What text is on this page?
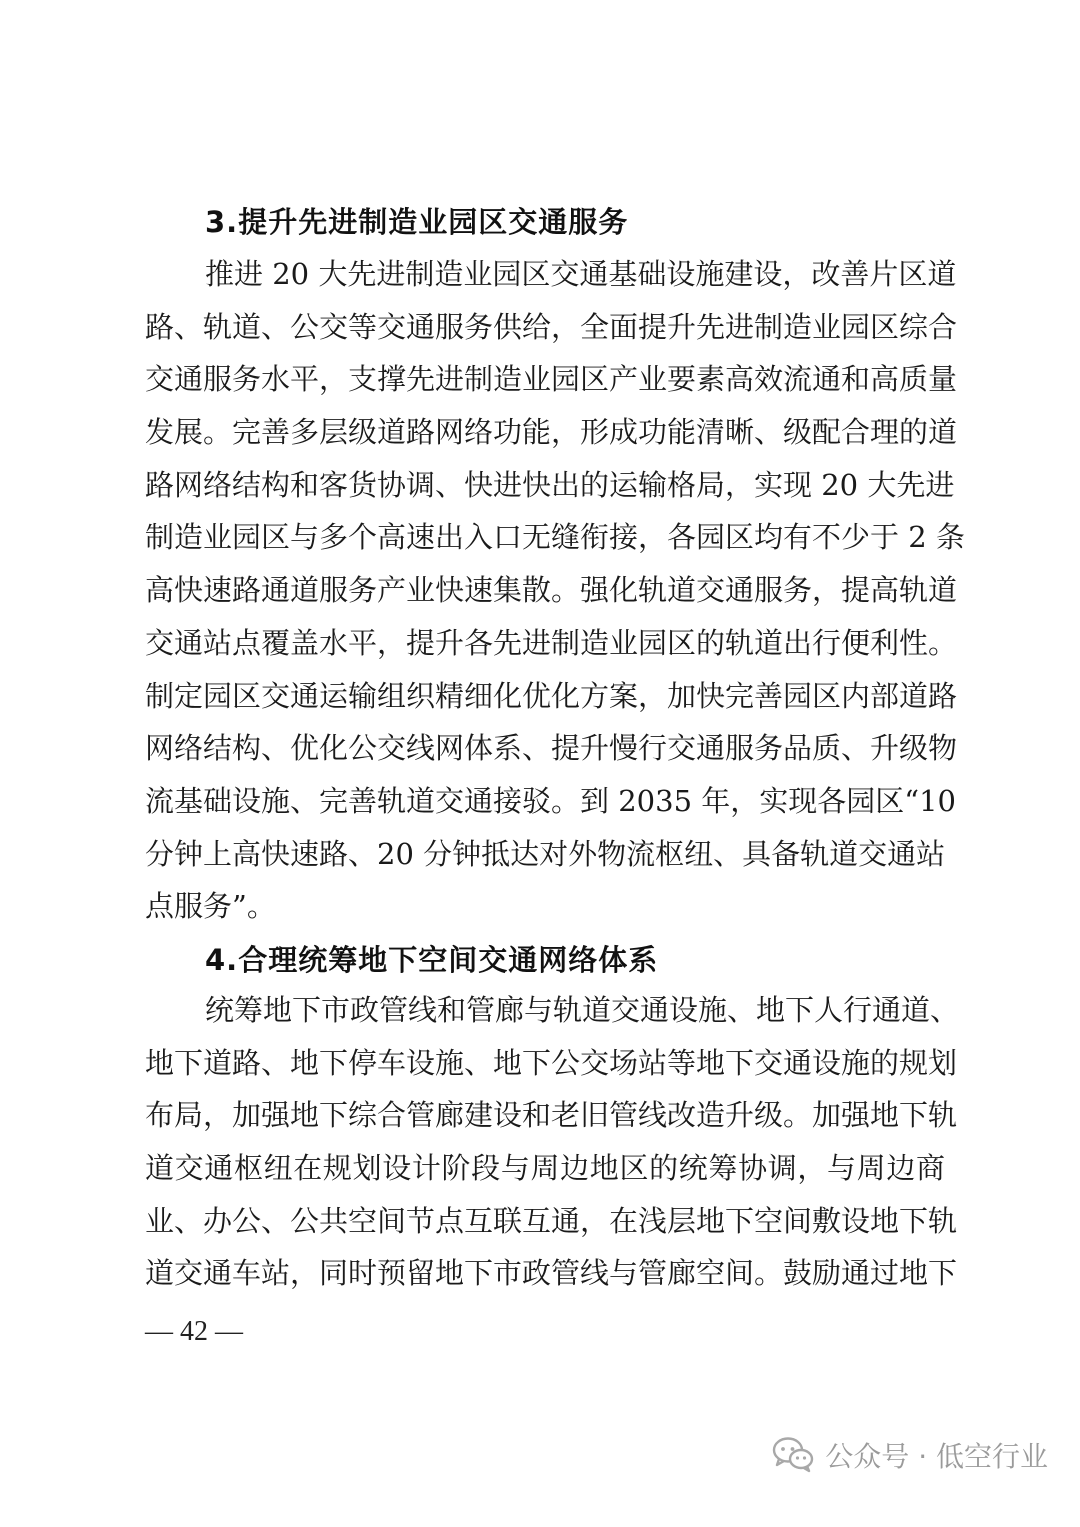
3.提升先进制造业园区交通服务
推进 20 大先进制造业园区交通基础设施建设，改善片区道
路、轨道、公交等交通服务供给，全面提升先进制造业园区综合
交通服务水平，支撑先进制造业园区产业要素高效流通和高质量
发展。完善多层级道路网络功能，形成功能清晰、级配合理的道
路网络结构和客货协调、快进快出的运输格局，实现 20 大先进
制造业园区与多个高速出入口无缝衔接，各园区均有不少于 2 条
高快速路通道服务产业快速集散。强化轨道交通服务，提高轨道
交通站点覆盖水平，提升各先进制造业园区的轨道出行便利性。
制定园区交通运输组织精细化优化方案，加快完善园区内部道路
网络结构、优化公交线网体系、提升慢行交通服务品质、升级物
流基础设施、完善轨道交通接驳。到 2035 年，实现各园区“10
分钟上高快速路、20 分钟抵达对外物流枢纽、具备轨道交通站
点服务”。
4.合理统筹地下空间交通网络体系
统筹地下市政管线和管廊与轨道交通设施、地下人行通道、
地下道路、地下停车设施、地下公交场站等地下交通设施的规划
布局，加强地下综合管廊建设和老旧管线改造升级。加强地下轨
道交通枢纽在规划设计阶段与周边地区的统筹协调，与周边商
业、办公、公共空间节点互联互通，在浅层地下空间敷设地下轨
道交通车站，同时预留地下市政管线与管廊空间。鼓励通过地下
— 42 —
公众号 · 低空行业
